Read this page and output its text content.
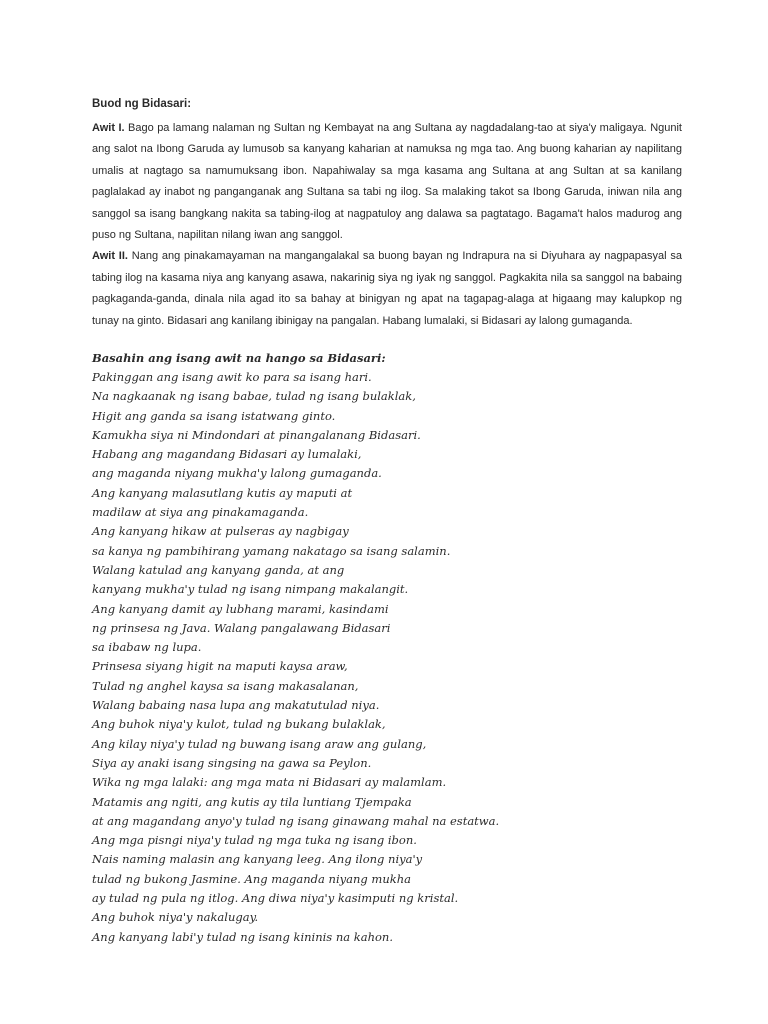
Buod ng Bidasari:

Awit I. Bago pa lamang nalaman ng Sultan ng Kembayat na ang Sultana ay nagdadalang-tao at siya'y maligaya. Ngunit ang salot na Ibong Garuda ay lumusob sa kanyang kaharian at namuksa ng mga tao. Ang buong kaharian ay napilitang umalis at nagtago sa namumuksang ibon. Napahiwalay sa mga kasama ang Sultana at ang Sultan at sa kanilang paglalakad ay inabot ng panganganak ang Sultana sa tabi ng ilog. Sa malaking takot sa Ibong Garuda, iniwan nila ang sanggol sa isang bangkang nakita sa tabing-ilog at nagpatuloy ang dalawa sa pagtatago. Bagama't halos madurog ang puso ng Sultana, napilitan nilang iwan ang sanggol.

Awit II. Nang ang pinakamayaman na mangangalakal sa buong bayan ng Indrapura na si Diyuhara ay nagpapasyal sa tabing ilog na kasama niya ang kanyang asawa, nakarinig siya ng iyak ng sanggol. Pagkakita nila sa sanggol na babaing pagkaganda-ganda, dinala nila agad ito sa bahay at binigyan ng apat na tagapag-alaga at higaang may kalupkop ng tunay na ginto. Bidasari ang kanilang ibinigay na pangalan. Habang lumalaki, si Bidasari ay lalong gumaganda.

Basahin ang isang awit na hango sa Bidasari:
Pakinggan ang isang awit ko para sa isang hari.
Na nagkaanak ng isang babae, tulad ng isang bulaklak,
Higit ang ganda sa isang istatwang ginto.
Kamukha siya ni Mindondari at pinangalanang Bidasari.
Habang ang magandang Bidasari ay lumalaki,
ang maganda niyang mukha'y lalong gumaganda.
Ang kanyang malasutlang kutis ay maputi at
madilaw at siya ang pinakamaganda.
Ang kanyang hikaw at pulseras ay nagbigay
sa kanya ng pambihirang yamang nakatago sa isang salamin.
Walang katulad ang kanyang ganda, at ang
kanyang mukha'y tulad ng isang nimpang makalangit.
Ang kanyang damit ay lubhang marami, kasindami
ng prinsesa ng Java. Walang pangalawang Bidasari
sa ibabaw ng lupa.
Prinsesa siyang higit na maputi kaysa araw,
Tulad ng anghel kaysa sa isang makasalanan,
Walang babaing nasa lupa ang makatutulad niya.
Ang buhok niya'y kulot, tulad ng bukang bulaklak,
Ang kilay niya'y tulad ng buwang isang araw ang gulang,
Siya ay anaki isang singsing na gawa sa Peylon.
Wika ng mga lalaki: ang mga mata ni Bidasari ay malamlam.
Matamis ang ngiti, ang kutis ay tila luntiang Tjempaka
at ang magandang anyo'y tulad ng isang ginawang mahal na estatwa.
Ang mga pisngi niya'y tulad ng mga tuka ng isang ibon.
Nais naming malasin ang kanyang leeg. Ang ilong niya'y
tulad ng bukong Jasmine. Ang maganda niyang mukha
ay tulad ng pula ng itlog. Ang diwa niya'y kasimputi ng kristal.
Ang buhok niya'y nakalugay.
Ang kanyang labi'y tulad ng isang kininis na kahon.
